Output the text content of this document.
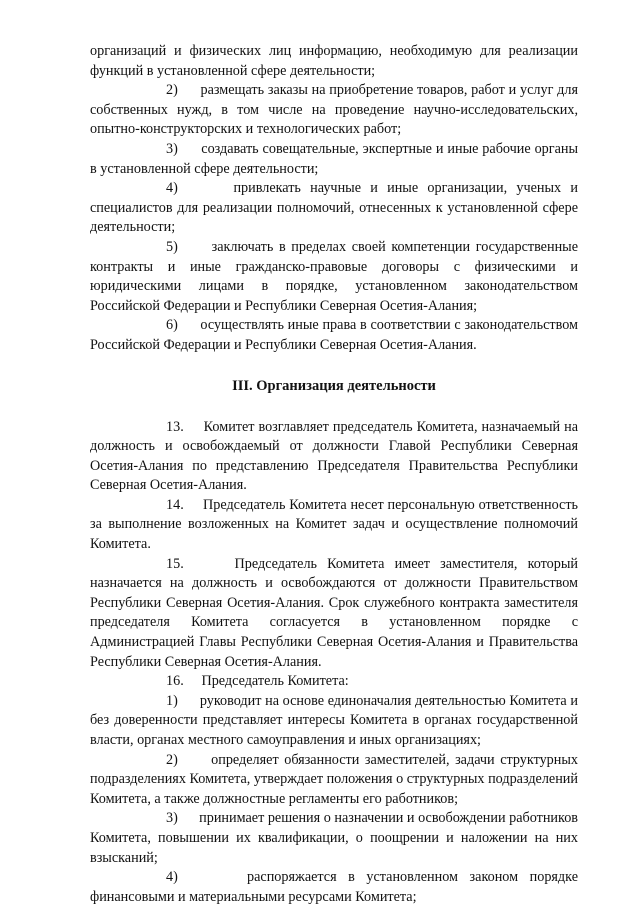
организаций и физических лиц информацию, необходимую для реализации функций в установленной сфере деятельности;

2) размещать заказы на приобретение товаров, работ и услуг для собственных нужд, в том числе на проведение научно-исследовательских, опытно-конструкторских и технологических работ;

3) создавать совещательные, экспертные и иные рабочие органы в установленной сфере деятельности;

4)	привлекать научные и иные организации, ученых и специалистов для реализации полномочий, отнесенных к установленной сфере деятельности;

5) заключать в пределах своей компетенции государственные контракты и иные гражданско-правовые договоры с физическими и юридическими лицами в порядке, установленном законодательством Российской Федерации и Республики Северная Осетия-Алания;

6) осуществлять иные права в соответствии с законодательством Российской Федерации и Республики Северная Осетия-Алания.

III. Организация деятельности

13. Комитет возглавляет председатель Комитета, назначаемый на должность и освобождаемый от должности Главой Республики Северная Осетия-Алания по представлению Председателя Правительства Республики Северная Осетия-Алания.

14. Председатель Комитета несет персональную ответственность за выполнение возложенных на Комитет задач и осуществление полномочий Комитета.

15.	Председатель Комитета имеет заместителя, который назначается на должность и освобождаются от должности Правительством Республики Северная Осетия-Алания. Срок служебного контракта заместителя председателя Комитета согласуется в установленном порядке с Администрацией Главы Республики Северная Осетия-Алания и Правительства Республики Северная Осетия-Алания.

16. Председатель Комитета:

1) руководит на основе единоначалия деятельностью Комитета и без доверенности представляет интересы Комитета в органах государственной власти, органах местного самоуправления и иных организациях;

2) определяет обязанности заместителей, задачи структурных подразделениях Комитета, утверждает положения о структурных подразделений Комитета, а также должностные регламенты его работников;

3) принимает решения о назначении и освобождении работников Комитета, повышении их квалификации, о поощрении и наложении на них взысканий;

4)	распоряжается в установленном законом порядке финансовыми и материальными ресурсами Комитета;
